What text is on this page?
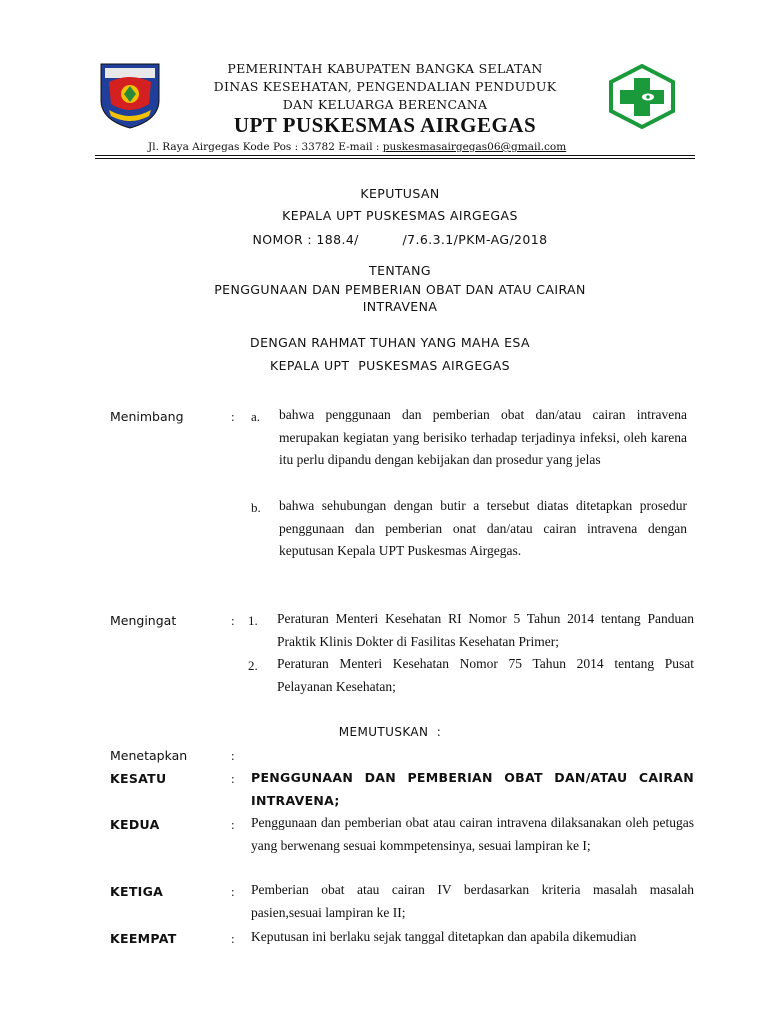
PEMERINTAH KABUPATEN BANGKA SELATAN
DINAS KESEHATAN, PENGENDALIAN PENDUDUK
DAN KELUARGA BERENCANA
UPT PUSKESMAS AIRGEGAS
Jl. Raya Airgegas Kode Pos : 33782 E-mail : puskesmasairgegas06@gmail.com
KEPUTUSAN
KEPALA UPT PUSKESMAS AIRGEGAS
NOMOR : 188.4/          /7.6.3.1/PKM-AG/2018
TENTANG
PENGGUNAAN DAN PEMBERIAN OBAT DAN ATAU CAIRAN
INTRAVENA
DENGAN RAHMAT TUHAN YANG MAHA ESA
KEPALA UPT  PUSKESMAS AIRGEGAS
Menimbang	: a. bahwa penggunaan dan pemberian obat dan/atau cairan intravena merupakan kegiatan yang berisiko terhadap terjadinya infeksi, oleh karena itu perlu dipandu dengan kebijakan dan prosedur yang jelas
b. bahwa sehubungan dengan butir a tersebut diatas ditetapkan prosedur penggunaan dan pemberian onat dan/atau cairan intravena dengan keputusan Kepala UPT Puskesmas Airgegas.
Mengingat	: 1. Peraturan Menteri Kesehatan RI Nomor 5 Tahun 2014 tentang Panduan Praktik Klinis Dokter di Fasilitas Kesehatan Primer;
2. Peraturan Menteri Kesehatan Nomor 75 Tahun 2014 tentang Pusat Pelayanan Kesehatan;
MEMUTUSKAN  :
Menetapkan	:
KESATU	: PENGGUNAAN DAN PEMBERIAN OBAT DAN/ATAU CAIRAN INTRAVENA;
KEDUA	: Penggunaan dan pemberian obat atau cairan intravena dilaksanakan oleh petugas yang berwenang sesuai kommpetensinya, sesuai lampiran ke I;
KETIGA	: Pemberian obat atau cairan IV berdasarkan kriteria masalah masalah pasien,sesuai lampiran ke II;
KEEMPAT	: Keputusan ini berlaku sejak tanggal ditetapkan dan apabila dikemudian
